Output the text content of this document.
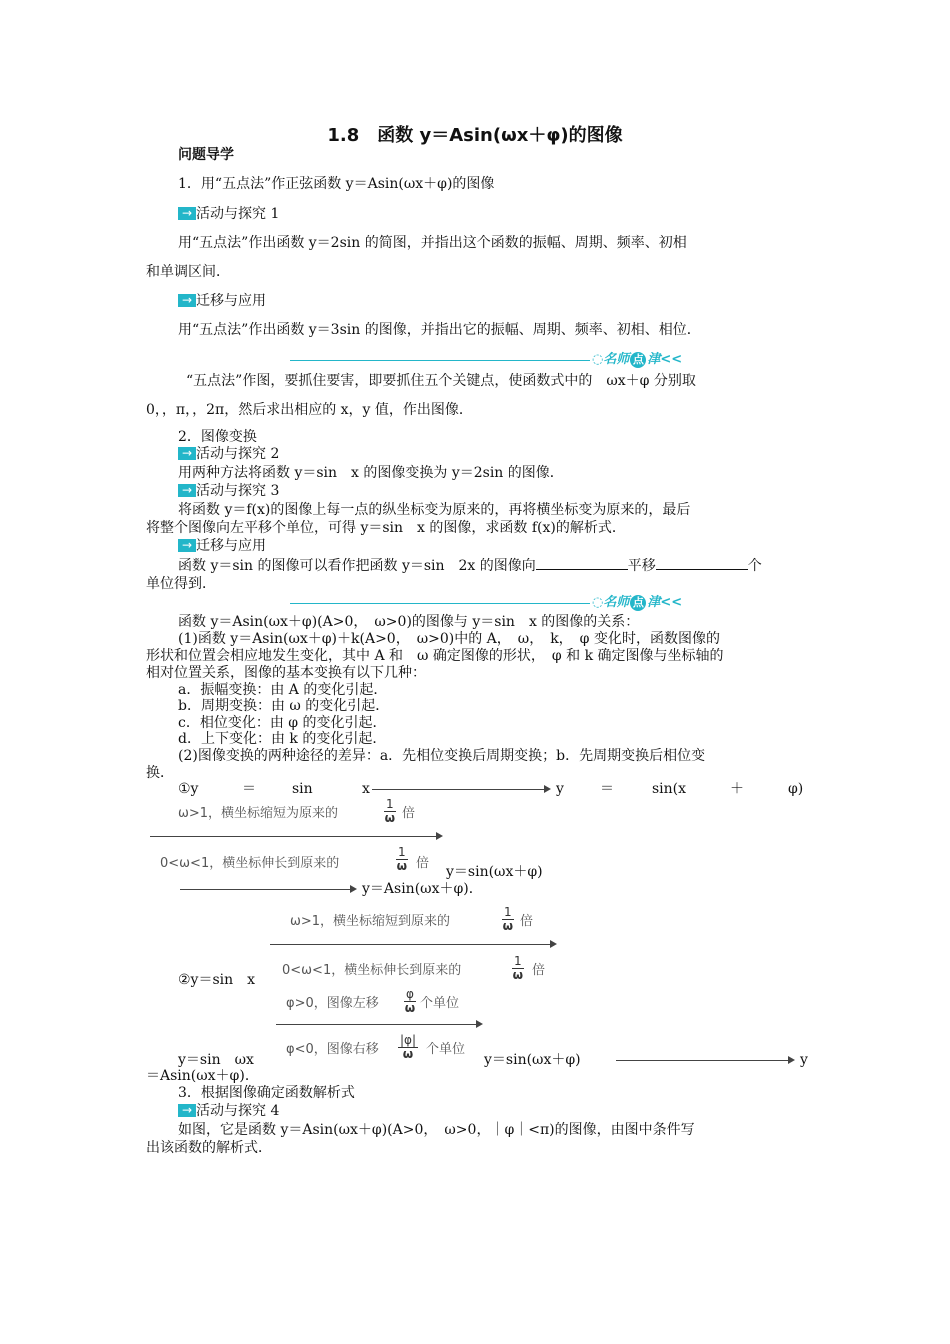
1.8　函数 y＝Asin(ωx＋φ)的图像
问题导学
1．用“五点法”作正弦函数 y＝Asin(ωx＋φ)的图像
→ 活动与探究 1
用“五点法”作出函数 y＝2sin 的简图，并指出这个函数的振幅、周期、频率、初相
和单调区间．
→ 迁移与应用
用“五点法”作出函数 y＝3sin 的图像，并指出它的振幅、周期、频率、初相、相位．
◌名师 点 津<<
“五点法”作图，要抓住要害，即要抓住五个关键点，使函数式中的　ωx＋φ 分别取
0，，π，，2π，然后求出相应的 x，y 值，作出图像．
2．图像变换
→ 活动与探究 2
用两种方法将函数 y＝sin　x 的图像变换为 y＝2sin 的图像．
→ 活动与探究 3
将函数 y＝f(x)的图像上每一点的纵坐标变为原来的，再将横坐标变为原来的，最后
将整个图像向左平移个单位，可得 y＝sin　x 的图像，求函数 f(x)的解析式．
→ 迁移与应用
函数 y＝sin 的图像可以看作把函数 y＝sin　2x 的图像向	平移	个
单位得到．
◌名师 点 津<<
函数 y＝Asin(ωx＋φ)(A>0，　ω>0)的图像与 y＝sin　x 的图像的关系：
(1)函数 y＝Asin(ωx＋φ)＋k(A>0，　ω>0)中的 A，　ω，　k，　φ 变化时，函数图像的
形状和位置会相应地发生变化，其中 A 和　ω 确定图像的形状，　φ 和 k 确定图像与坐标轴的
相对位置关系，图像的基本变换有以下几种：
a．振幅变换：由 A 的变化引起．
b．周期变换：由 ω 的变化引起．
c．相位变化：由 φ 的变化引起．
d．上下变化：由 k 的变化引起．
(2)图像变换的两种途径的差异：a．先相位变换后周期变换；b．先周期变换后相位变
换．
①y	＝	sin	x	y	＝	sin(x	＋	φ)
ω>1，横坐标缩短为原来的	$\frac{1}{\omega}$ 倍
0<ω<1，横坐标伸长到原来的	$\frac{1}{\omega}$ 倍
y＝sin(ωx＋φ)
y＝Asin(ωx＋φ)．
ω>1，横坐标缩短到原来的	$\frac{1}{\omega}$ 倍
0<ω<1，横坐标伸长到原来的	$\frac{1}{\omega}$ 倍
②y＝sin　x
φ>0，图像左移 $\frac{\varphi}{\omega}$ 个单位
φ<0，图像右移 $\frac{|\varphi|}{\omega}$ 个单位
y＝sin　ωx	y＝sin(ωx＋φ)	y
＝Asin(ωx＋φ)．
3．根据图像确定函数解析式
→ 活动与探究 4
如图，它是函数 y＝Asin(ωx＋φ)(A>0，　ω>0，｜φ｜<π)的图像，由图中条件写
出该函数的解析式．
